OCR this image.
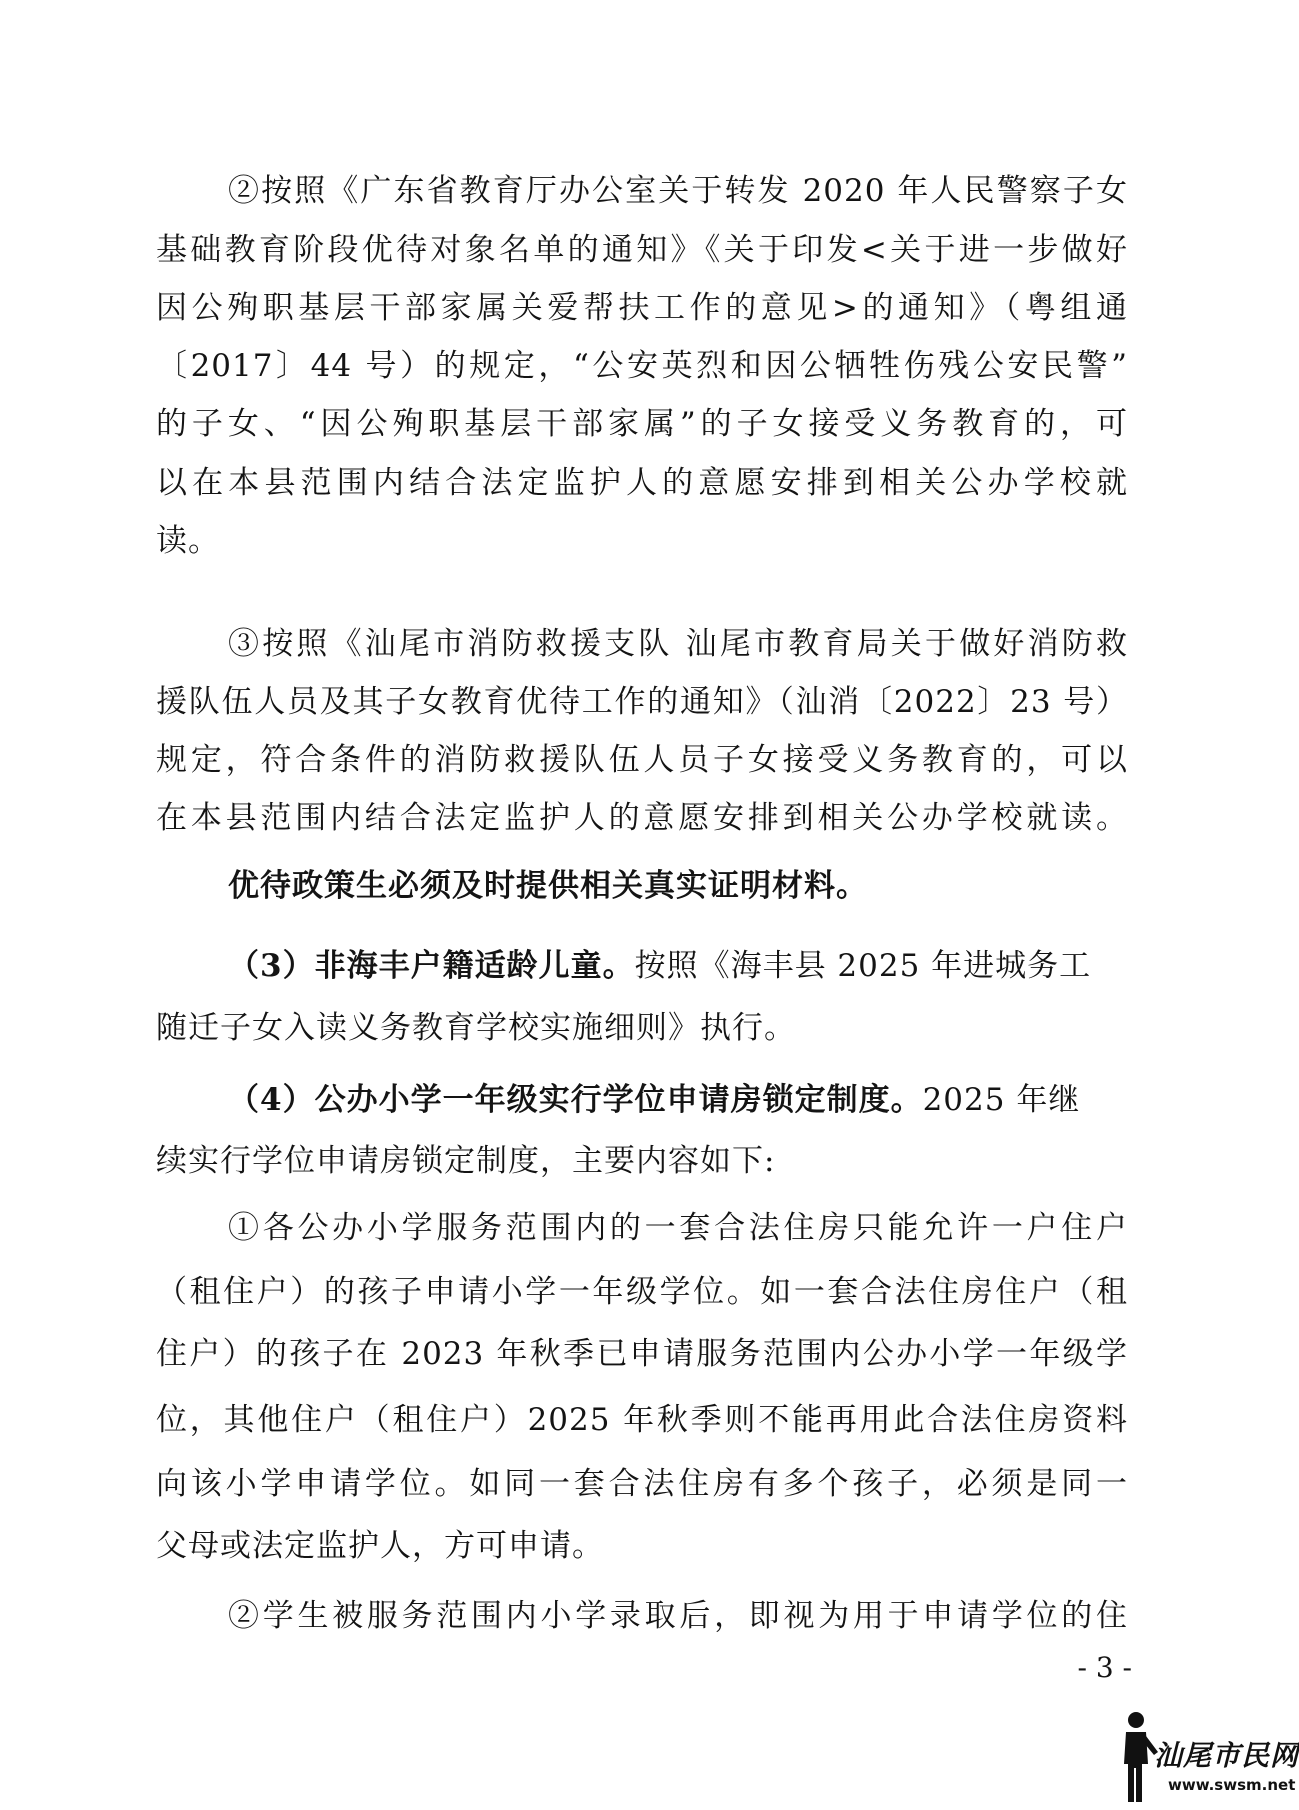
②按照《广东省教育厅办公室关于转发 2020 年人民警察子女
基础教育阶段优待对象名单的通知》《关于印发<关于进一步做好
因公殉职基层干部家属关爱帮扶工作的意见>的通知》（粤组通
〔2017〕44 号）的规定，“公安英烈和因公牺牲伤残公安民警”
的子女、“因公殉职基层干部家属”的子女接受义务教育的，可
以在本县范围内结合法定监护人的意愿安排到相关公办学校就
读。
③按照《汕尾市消防救援支队 汕尾市教育局关于做好消防救
援队伍人员及其子女教育优待工作的通知》（汕消〔2022〕23 号）
规定，符合条件的消防救援队伍人员子女接受义务教育的，可以
在本县范围内结合法定监护人的意愿安排到相关公办学校就读。
优待政策生必须及时提供相关真实证明材料。
（3）非海丰户籍适龄儿童。按照《海丰县 2025 年进城务工
随迁子女入读义务教育学校实施细则》执行。
（4）公办小学一年级实行学位申请房锁定制度。2025 年继
续实行学位申请房锁定制度，主要内容如下:
①各公办小学服务范围内的一套合法住房只能允许一户住户
（租住户）的孩子申请小学一年级学位。如一套合法住房住户（租
住户）的孩子在 2023 年秋季已申请服务范围内公办小学一年级学
位，其他住户（租住户）2025 年秋季则不能再用此合法住房资料
向该小学申请学位。如同一套合法住房有多个孩子，必须是同一
父母或法定监护人，方可申请。
②学生被服务范围内小学录取后，即视为用于申请学位的住
- 3 -
汕尾市民网
www.swsm.net
